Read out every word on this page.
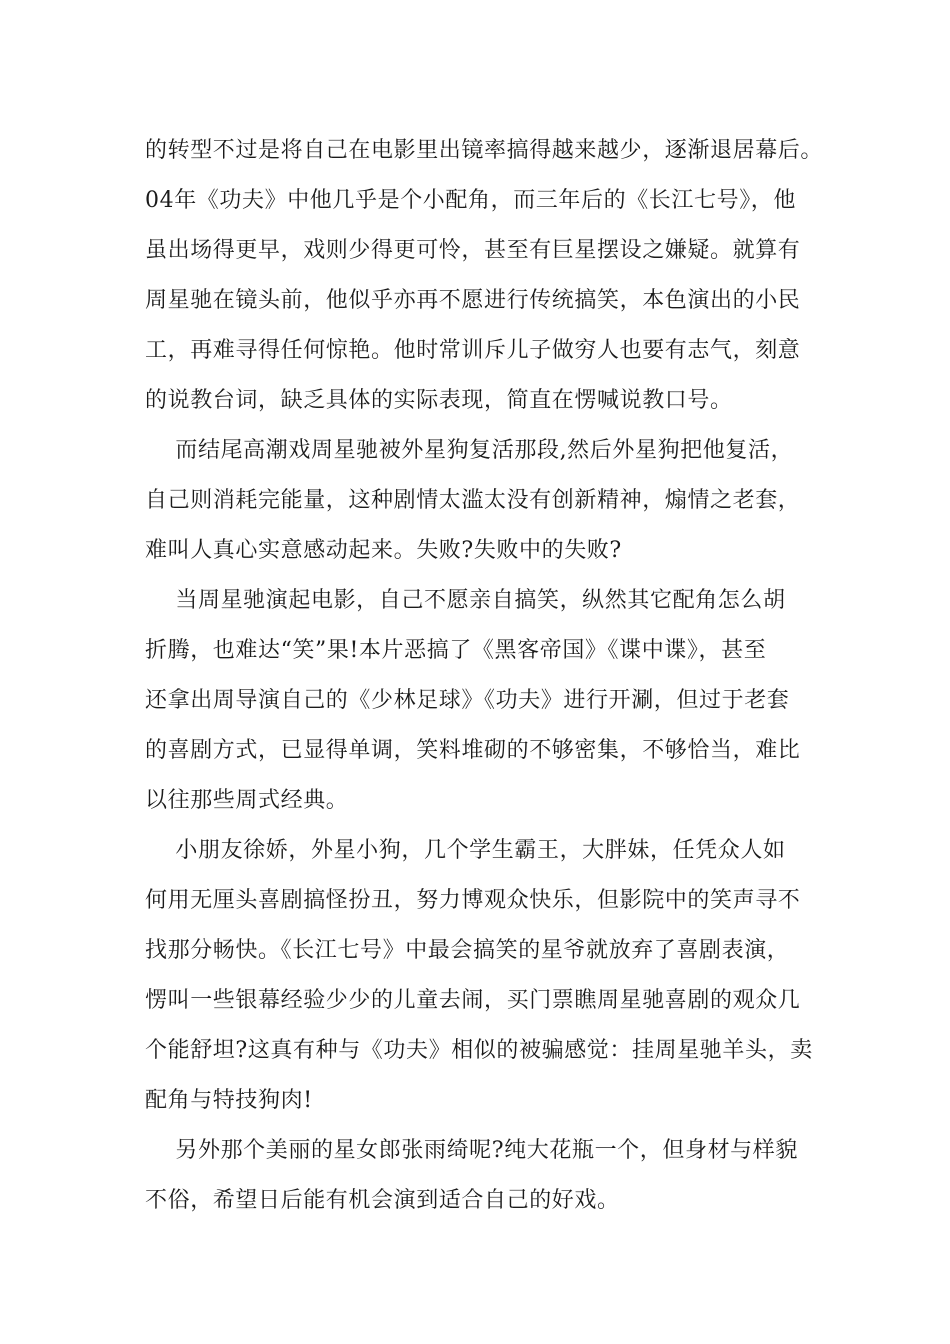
的转型不过是将自己在电影里出镜率搞得越来越少，逐渐退居幕后。
04年《功夫》中他几乎是个小配角，而三年后的《长江七号》，他
虽出场得更早，戏则少得更可怜，甚至有巨星摆设之嫌疑。就算有
周星驰在镜头前，他似乎亦再不愿进行传统搞笑，本色演出的小民
工，再难寻得任何惊艳。他时常训斥儿子做穷人也要有志气，刻意
的说教台词，缺乏具体的实际表现，简直在愣喊说教口号。
而结尾高潮戏周星驰被外星狗复活那段,然后外星狗把他复活，
自己则消耗完能量，这种剧情太滥太没有创新精神，煽情之老套，
难叫人真心实意感动起来。失败?失败中的失败?
当周星驰演起电影，自己不愿亲自搞笑，纵然其它配角怎么胡
折腾，也难达“笑”果!本片恶搞了《黑客帝国》《谍中谍》，甚至
还拿出周导演自己的《少林足球》《功夫》进行开涮，但过于老套
的喜剧方式，已显得单调，笑料堆砌的不够密集，不够恰当，难比
以往那些周式经典。
小朋友徐娇，外星小狗，几个学生霸王，大胖妹，任凭众人如
何用无厘头喜剧搞怪扮丑，努力博观众快乐，但影院中的笑声寻不
找那分畅快。《长江七号》中最会搞笑的星爷就放弃了喜剧表演，
愣叫一些银幕经验少少的儿童去闹，买门票瞧周星驰喜剧的观众几
个能舒坦?这真有种与《功夫》相似的被骗感觉：挂周星驰羊头，卖
配角与特技狗肉!
另外那个美丽的星女郎张雨绮呢?纯大花瓶一个，但身材与样貌
不俗，希望日后能有机会演到适合自己的好戏。
